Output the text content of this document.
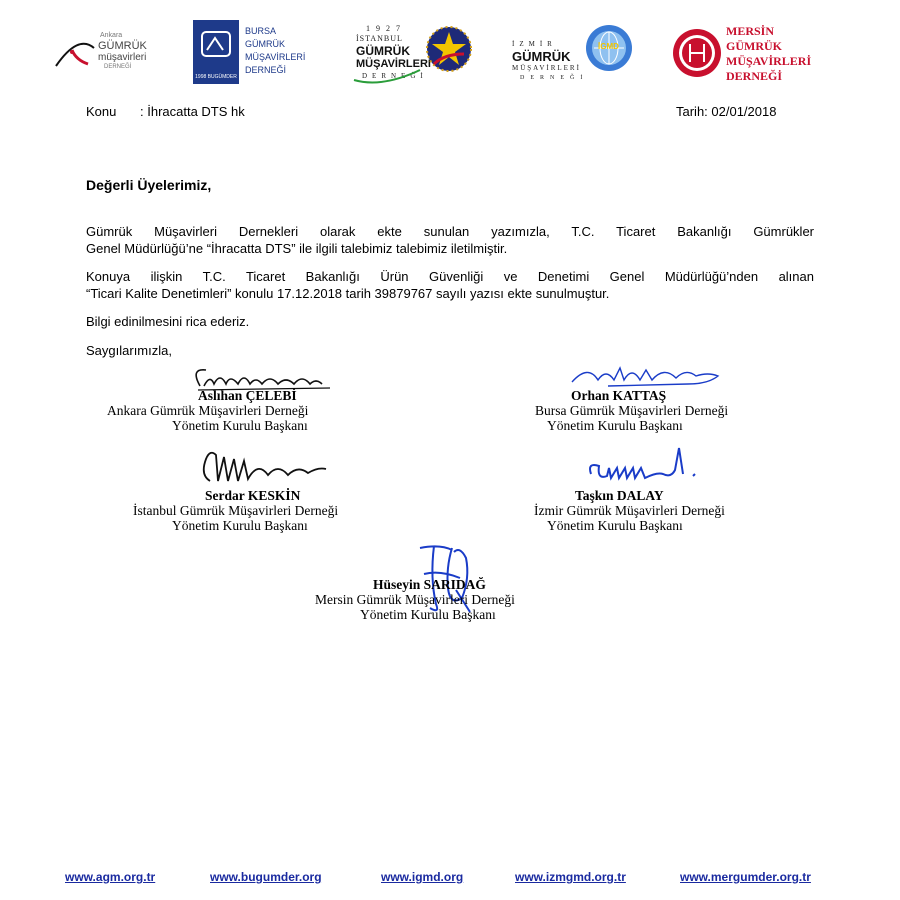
Ankara
GÜMRÜK
müşavirleri
DERNEĞİ
1998 BUGÜMDER
BURSA
GÜMRÜK
MÜŞAVİRLERİ
DERNEĞİ
1927
İSTANBUL
GÜMRÜK
MÜŞAVİRLERİ
DERNEĞİ
İZMİR
GÜMRÜK
MÜŞAVİRLERİ
DERNEĞİ
İGMD
MERSİN
GÜMRÜK
MÜŞAVİRLERİ
DERNEĞİ
Konu : İhracatta DTS hk	Tarih: 02/01/2018
Değerli Üyelerimiz,
Gümrük Müşavirleri Dernekleri olarak ekte sunulan yazımızla, T.C. Ticaret Bakanlığı Gümrükler
Genel Müdürlüğü’ne “İhracatta DTS” ile ilgili talebimiz talebimiz iletilmiştir.
Konuya ilişkin T.C. Ticaret Bakanlığı Ürün Güvenliği ve Denetimi Genel Müdürlüğü’nden alınan
“Ticari Kalite Denetimleri” konulu 17.12.2018 tarih 39879767 sayılı yazısı ekte sunulmuştur.
Bilgi edinilmesini rica ederiz.
Saygılarımızla,
Aslıhan ÇELEBİ
Ankara Gümrük Müşavirleri Derneği
Yönetim Kurulu Başkanı
Orhan KATTAŞ
Bursa Gümrük Müşavirleri Derneği
Yönetim Kurulu Başkanı
Serdar KESKİN
İstanbul Gümrük Müşavirleri Derneği
Yönetim Kurulu Başkanı
Taşkın DALAY
İzmir Gümrük Müşavirleri Derneği
Yönetim Kurulu Başkanı
Hüseyin SARIDAĞ
Mersin Gümrük Müşavirleri Derneği
Yönetim Kurulu Başkanı
www.agm.org.tr	www.bugumder.org	www.igmd.org	www.izmgmd.org.tr	www.mergumder.org.tr
